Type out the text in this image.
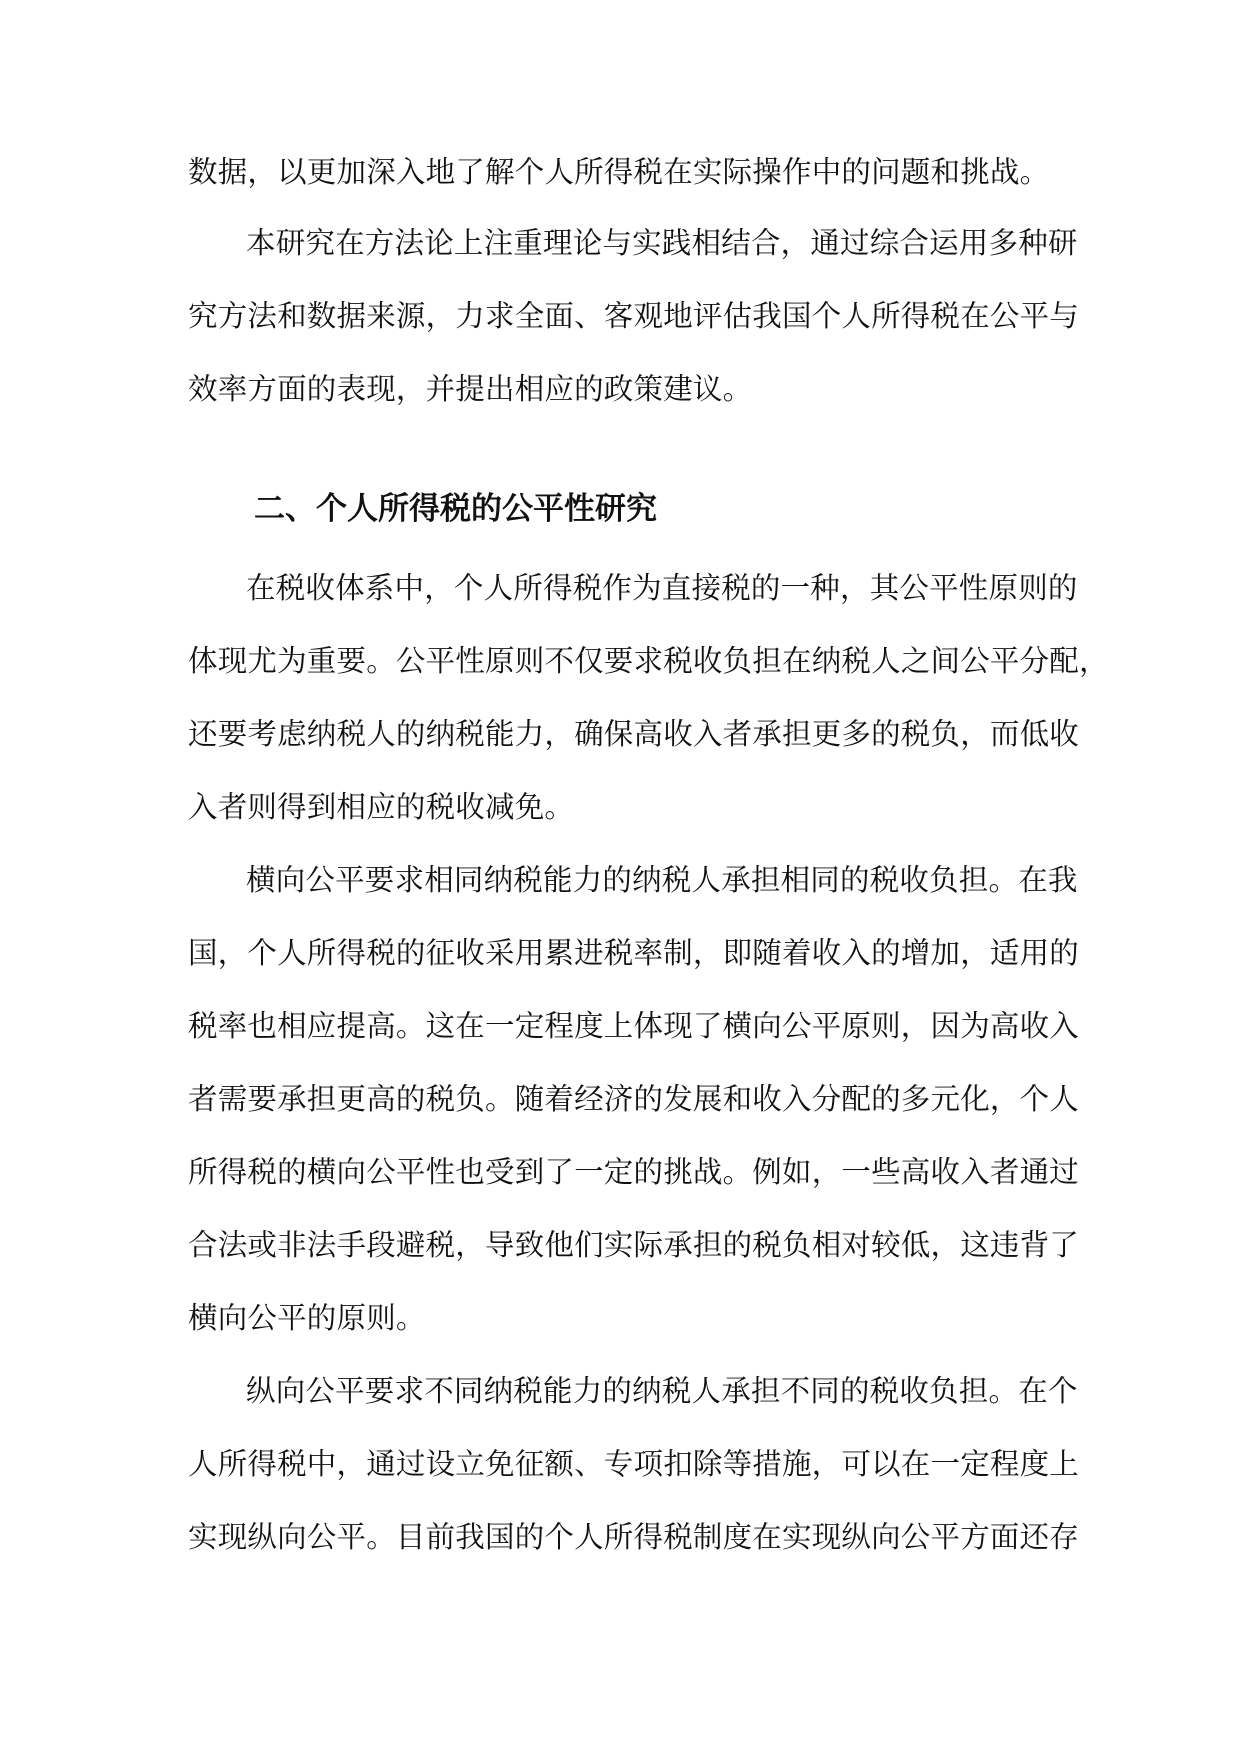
数据，以更加深入地了解个人所得税在实际操作中的问题和挑战。
本研究在方法论上注重理论与实践相结合，通过综合运用多种研
究方法和数据来源，力求全面、客观地评估我国个人所得税在公平与
效率方面的表现，并提出相应的政策建议。
二、个人所得税的公平性研究
在税收体系中，个人所得税作为直接税的一种，其公平性原则的
体现尤为重要。公平性原则不仅要求税收负担在纳税人之间公平分配，
还要考虑纳税人的纳税能力，确保高收入者承担更多的税负，而低收
入者则得到相应的税收减免。
横向公平要求相同纳税能力的纳税人承担相同的税收负担。在我
国，个人所得税的征收采用累进税率制，即随着收入的增加，适用的
税率也相应提高。这在一定程度上体现了横向公平原则，因为高收入
者需要承担更高的税负。随着经济的发展和收入分配的多元化，个人
所得税的横向公平性也受到了一定的挑战。例如，一些高收入者通过
合法或非法手段避税，导致他们实际承担的税负相对较低，这违背了
横向公平的原则。
纵向公平要求不同纳税能力的纳税人承担不同的税收负担。在个
人所得税中，通过设立免征额、专项扣除等措施，可以在一定程度上
实现纵向公平。目前我国的个人所得税制度在实现纵向公平方面还存
